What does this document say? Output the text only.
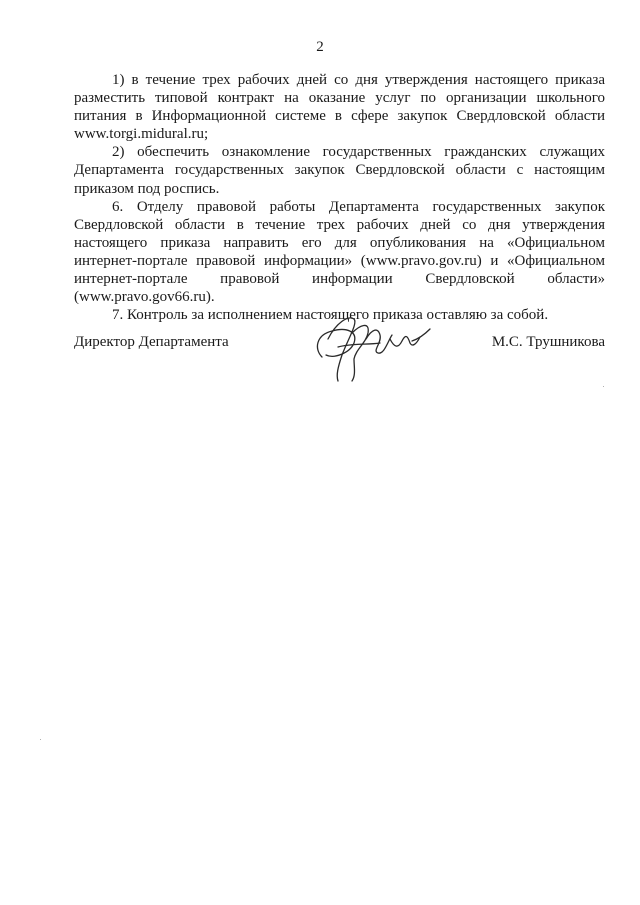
2

1) в течение трех рабочих дней со дня утверждения настоящего приказа разместить типовой контракт на оказание услуг по организации школьного питания в Информационной системе в сфере закупок Свердловской области www.torgi.midural.ru;

2) обеспечить ознакомление государственных гражданских служащих Департамента государственных закупок Свердловской области с настоящим приказом под роспись.

6. Отделу правовой работы Департамента государственных закупок Свердловской области в течение трех рабочих дней со дня утверждения настоящего приказа направить его для опубликования на «Официальном интернет-портале правовой информации» (www.pravo.gov.ru) и «Официальном интернет-портале правовой информации Свердловской области» (www.pravo.gov66.ru).

7. Контроль за исполнением настоящего приказа оставляю за собой.

Директор Департамента	М.С. Трушникова
